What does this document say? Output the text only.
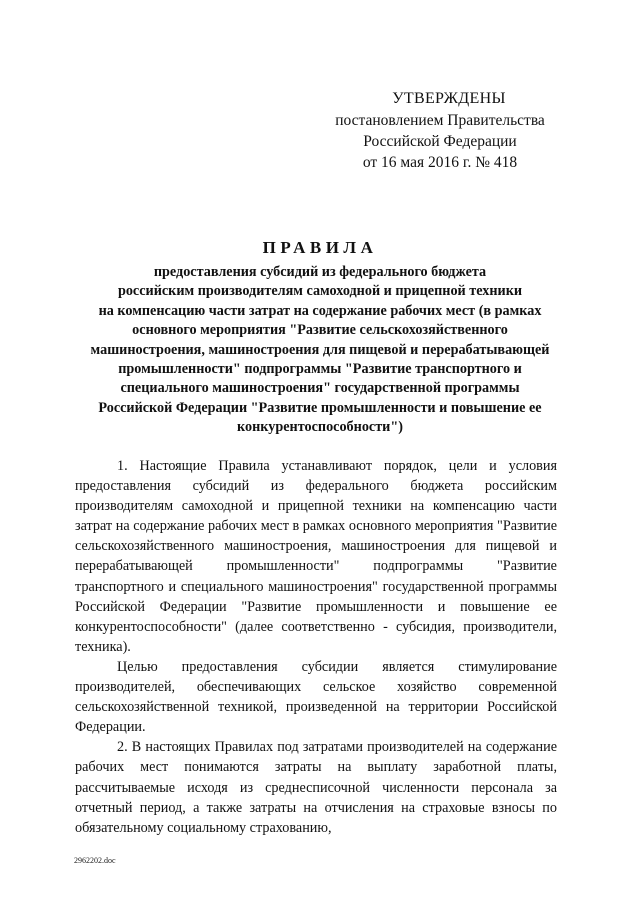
УТВЕРЖДЕНЫ
постановлением Правительства
Российской Федерации
от 16 мая 2016 г. № 418
ПРАВИЛА
предоставления субсидий из федерального бюджета
российским производителям самоходной и прицепной техники
на компенсацию части затрат на содержание рабочих мест (в рамках
основного мероприятия "Развитие сельскохозяйственного
машиностроения, машиностроения для пищевой и перерабатывающей
промышленности" подпрограммы "Развитие транспортного и
специального машиностроения" государственной программы
Российской Федерации "Развитие промышленности и повышение ее
конкурентоспособности")

1. Настоящие Правила устанавливают порядок, цели и условия предоставления субсидий из федерального бюджета российским производителям самоходной и прицепной техники на компенсацию части затрат на содержание рабочих мест в рамках основного мероприятия "Развитие сельскохозяйственного машиностроения, машиностроения для пищевой и перерабатывающей промышленности" подпрограммы "Развитие транспортного и специального машиностроения" государственной программы Российской Федерации "Развитие промышленности и повышение ее конкурентоспособности" (далее соответственно - субсидия, производители, техника).

Целью предоставления субсидии является стимулирование производителей, обеспечивающих сельское хозяйство современной сельскохозяйственной техникой, произведенной на территории Российской Федерации.

2. В настоящих Правилах под затратами производителей на содержание рабочих мест понимаются затраты на выплату заработной платы, рассчитываемые исходя из среднесписочной численности персонала за отчетный период, а также затраты на отчисления на страховые взносы по обязательному социальному страхованию,

2962202.doc
